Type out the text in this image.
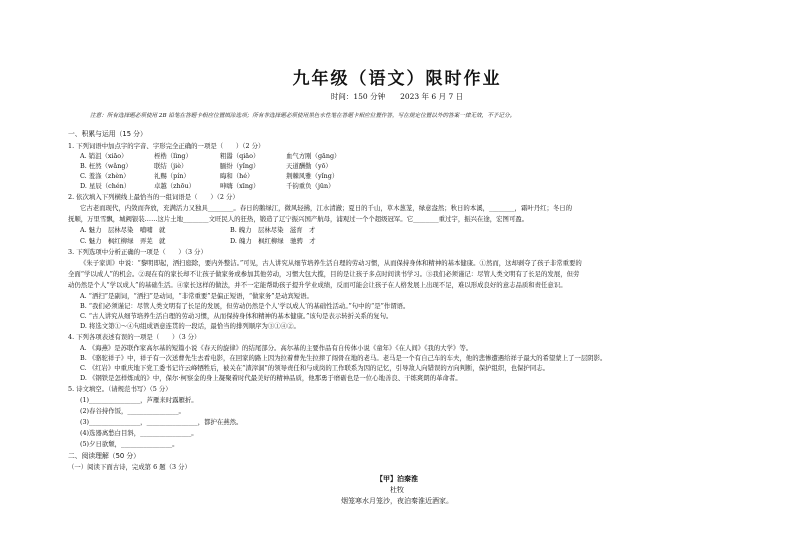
九年级（语文）限时作业
时间：150 分钟　　2023 年 6 月 7 日
注意：所有选择题必须使用 2B 铅笔在答题卡相应位置填涂选项；所有非选择题必须使用黑色水性笔在答题卡相应位置作答，写在规定位置以外的答案一律无效，不予记分。
一、积累与运用（15 分）
1. 下列词语中加点字的字音、字形完全正确的一项是（　　）（2 分）
A. 销沮（xiāo）	桎梏（lìng）	粗嚣（qiāo）	血气方刚（gāng）
B. 枉然（wǎng）	联结（jiè）	腼纷（yǐng）	天道酬勤（yō）
C. 羞涤（zhèn）	礼赐（pín）	晦和（hé）	荆棘风雅（yǐng）
D. 星辰（chén）	卓越（zhōu）	呻嗨（xīng）	千钧重负（jūn）
2. 依次填入下列横线上最恰当的一组词语是（　　）（2 分）
它古老而现代，内敛而奔放，充满活力又独具________。春日的鹅绿江，微风轻拂，江水清澈；夏日的千山，草木葱茏，绿意盎然；秋日的本溪，________，霜叶丹红；冬日的
抚顺，万里雪飘，城阙银装……这片土地________文旺民人的狂热，锻造了辽宁振兴国产航母，浦观过一个个超级冠军。它________重过宇，振兴在途，宏图可盈。
A. 魅力　层林尽染　哺哺　就	B. 魄力　层林尽染　滋育　才
C. 魅力　枫红柳绿　弄芜　就	D. 魄力　枫红柳绿　驰骋　才
3. 下列选项中分析正确的一项是（　　）（3 分）
《朱子家训》中说：“黎明即起，洒扫庭除，要内外整洁。”可见，古人讲究从细节培养生活自理的劳动习惯，从而保持身体和精神的基本健康。①然而，这却剥夺了孩子非常重要的
全面“学以成人”的机会。②现在有的家长却不让孩子做家务或参加其他劳动，习惯大包大揽，目的是让孩子多点时间读书学习。③我们必须谨记：尽管人类文明有了长足的发展，但劳
动仍然是个人“学以成人”的基础生活。④家长这样的做法，并不一定能帮助孩子提升学业成绩，反而可能会让孩子在人格发展上出现不足，难以形成良好的意志品质和责任意识。
A. “洒扫”是副词，“洒扫”是动词，“非常重要”是偏正短语，“做家务”是动宾短语。
B. “我们必须谨记：尽管人类文明有了长足的发展，但劳动仍然是个人‘学以成人’的基础性活动。”句中的“是”作谓语。
C. “古人讲究从细节培养生活自理的劳动习惯，从而保持身体和精神的基本健康。”该句是表示转折关系的复句。
D. 将选文第①～④句组成语意连贯的一段话，最恰当的排列顺序为③①④②。
4. 下列各项表述有误的一项是（　　）（3 分）
A. 《海燕》是苏联作家高尔基的短篇小说《春天的旋律》的结尾部分。高尔基的主要作品有自传体小说《童年》《在人间》《我的大学》等。
B. 《骆驼祥子》中，祥子有一次送曹先生去看电影，在回家的路上因为拉着曹先生拉摔了闯骨在地的老马。老马是一个有自己车的车夫，他的悲惨遭遇给祥子最大的希望蒙上了一层阴影。
C. 《红岩》中重庆地下党工委书记许云峰牺牲后，被关在“渣滓洞”的领导责任和与成岗的工作联系为因的记忆，引导敌人向错误的方向判断，保护组织，也保护同志。
D. 《钢铁是怎样炼成的》中，保尔·柯察金的身上凝聚着时代最美好的精神品质，他那勇于磨砺也是一位心地善良、干练爽朗的革命者。
5. 诗文填空。（请规范书写）（5 分）
(1)________________，芦雁来时露雁折。
(2)春谷持作饭，________________。
(3)________________，________________，都护在燕然。
(4)选器离愁白目斜，________________。
(5)夕日欲颓，________________。
二、阅读理解（50 分）
（一）阅读下面古诗，完成第 6 题（3 分）
【甲】泊秦淮
杜牧
烟笼寒水月笼沙，夜泊秦淮近酒家。
